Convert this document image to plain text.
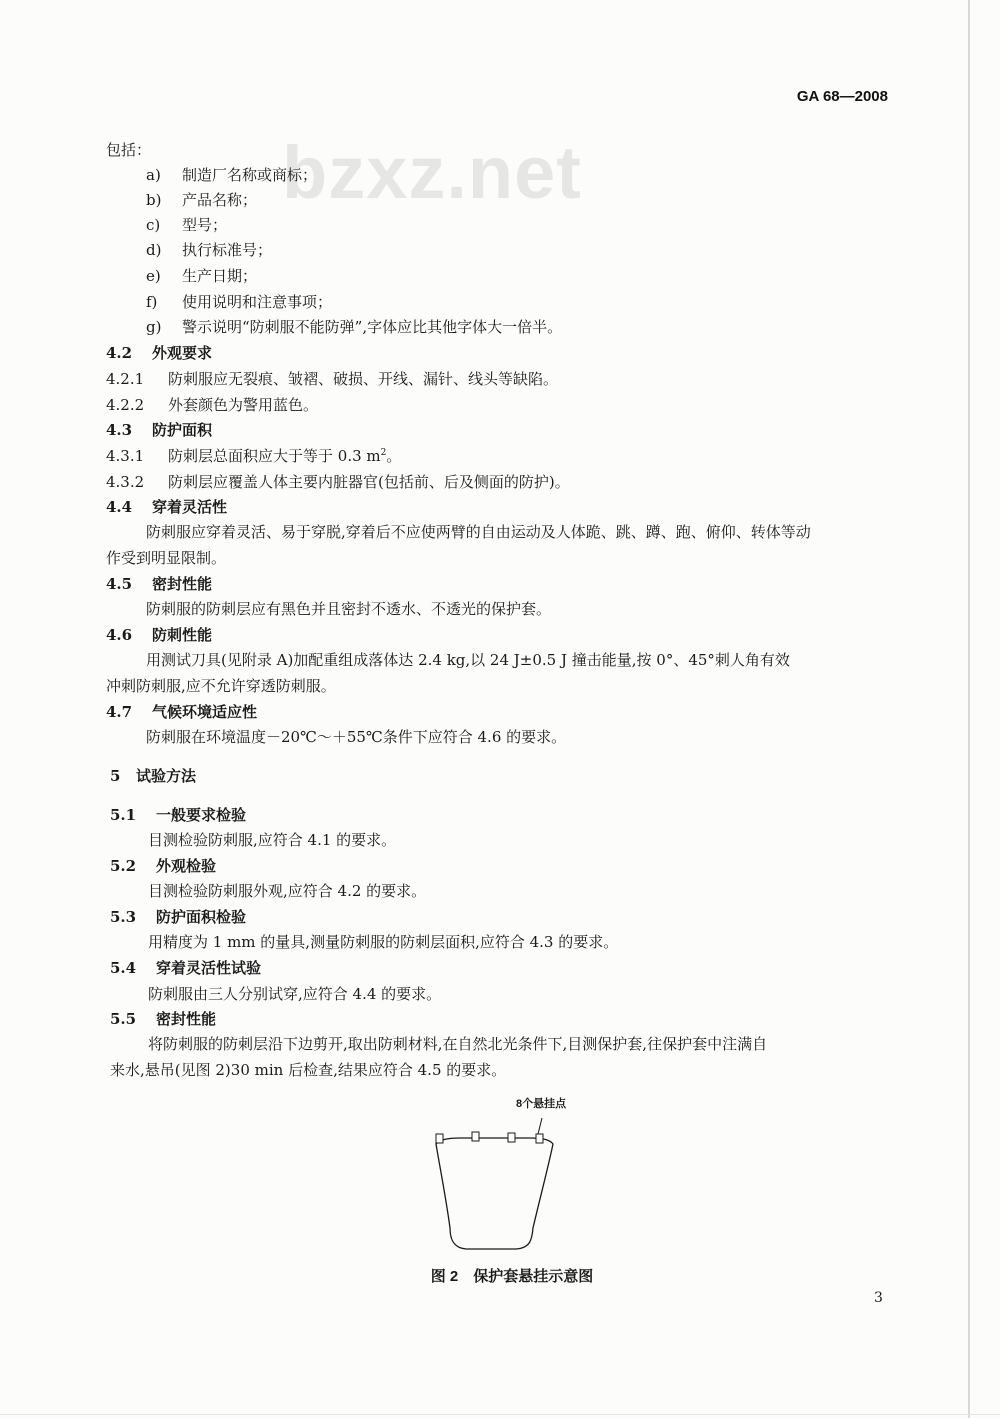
GA 68—2008
bzxz.net
包括：
a) 制造厂名称或商标；
b) 产品名称；
c) 型号；
d) 执行标准号；
e) 生产日期；
f) 使用说明和注意事项；
g) 警示说明“防刺服不能防弹”,字体应比其他字体大一倍半。
4.2 外观要求
4.2.1 防刺服应无裂痕、皱褶、破损、开线、漏针、线头等缺陷。
4.2.2 外套颜色为警用蓝色。
4.3 防护面积
4.3.1 防刺层总面积应大于等于 0.3 $m^2$。
4.3.2 防刺层应覆盖人体主要内脏器官(包括前、后及侧面的防护)。
4.4 穿着灵活性
防刺服应穿着灵活、易于穿脱,穿着后不应使两臂的自由运动及人体跪、跳、蹲、跑、俯仰、转体等动
作受到明显限制。
4.5 密封性能
防刺服的防刺层应有黑色并且密封不透水、不透光的保护套。
4.6 防刺性能
用测试刀具(见附录 A)加配重组成落体达 2.4 kg,以 24 J±0.5 J 撞击能量,按 0°、45°刺人角有效
冲刺防刺服,应不允许穿透防刺服。
4.7 气候环境适应性
防刺服在环境温度－20℃～＋55℃条件下应符合 4.6 的要求。
5 试验方法
5.1 一般要求检验
目测检验防刺服,应符合 4.1 的要求。
5.2 外观检验
目测检验防刺服外观,应符合 4.2 的要求。
5.3 防护面积检验
用精度为 1 mm 的量具,测量防刺服的防刺层面积,应符合 4.3 的要求。
5.4 穿着灵活性试验
防刺服由三人分别试穿,应符合 4.4 的要求。
5.5 密封性能
将防刺服的防刺层沿下边剪开,取出防刺材料,在自然北光条件下,目测保护套,往保护套中注满自
来水,悬吊(见图 2)30 min 后检查,结果应符合 4.5 的要求。
8个悬挂点
图 2　保护套悬挂示意图
3
